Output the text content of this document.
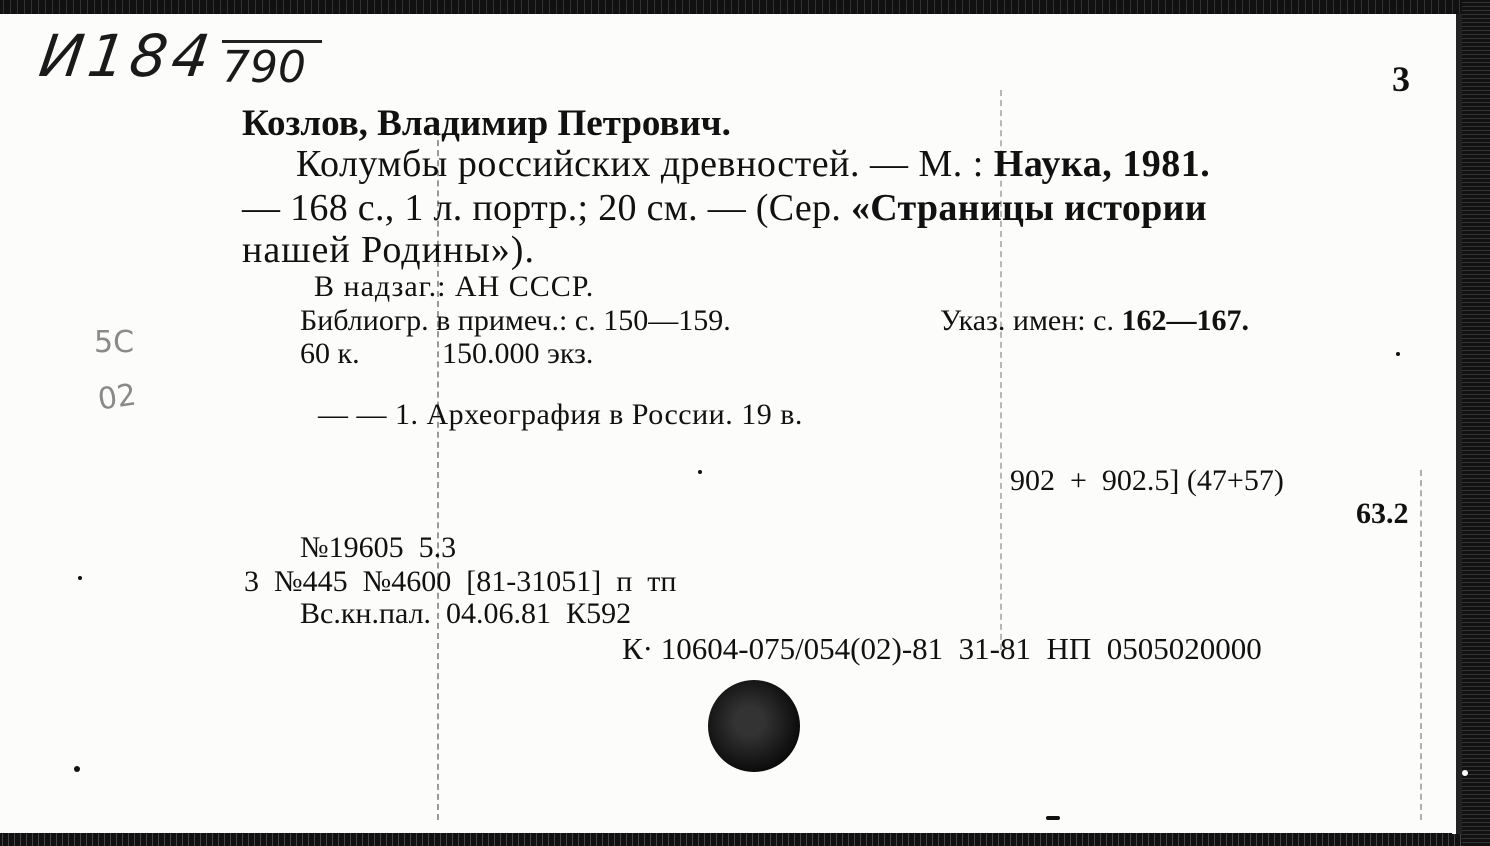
И184 790
5С
02
3
Козлов, Владимир Петрович.
Колумбы российских древностей. — М. : Наука, 1981.
— 168 с., 1 л. портр.; 20 см. — (Сер. «Страницы истории
нашей Родины»).
В надзаг.: АН СССР.
Библиогр. в примеч.: с. 150—159.	Указ. имен: с. 162—167.
60 к.	150.000 экз.
— — 1. Археография в России. 19 в.
902  +  902.5] (47+57)
63.2
№19605  5.3
3  №445  №4600  [81-31051]  п  тп
Вс.кн.пал.  04.06.81  К592
К· 10604-075/054(02)-81  31-81  НП  0505020000
